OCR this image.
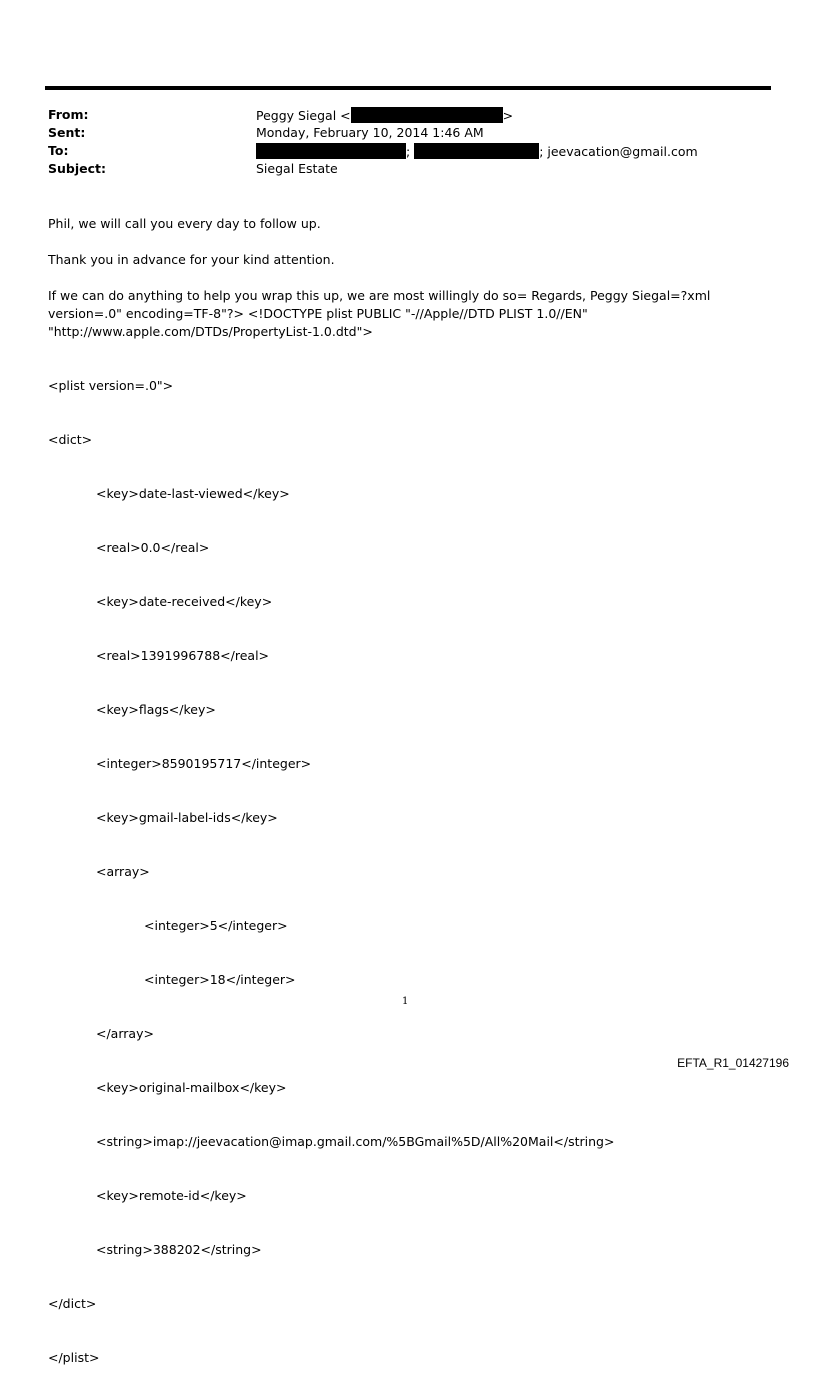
From:	Peggy Siegal <	>
Sent:	Monday, February 10, 2014 1:46 AM
To:	;	; jeevacation@gmail.com
Subject:	Siegal Estate
Phil, we will call you every day to follow up.
Thank you in advance for your kind attention.
If we can do anything to help you wrap this up, we are most willingly do so= Regards, Peggy Siegal=?xml version=.0" encoding=TF-8"?> <!DOCTYPE plist PUBLIC "-//Apple//DTD PLIST 1.0//EN" "http://www.apple.com/DTDs/PropertyList-1.0.dtd">

<plist version=.0">

<dict>

<key>date-last-viewed</key>

<real>0.0</real>

<key>date-received</key>

<real>1391996788</real>

<key>flags</key>

<integer>8590195717</integer>

<key>gmail-label-ids</key>

<array>

<integer>5</integer>

<integer>18</integer>

</array>

<key>original-mailbox</key>

<string>imap://jeevacation@imap.gmail.com/%5BGmail%5D/All%20Mail</string>

<key>remote-id</key>

<string>388202</string>

</dict>

</plist>

1
EFTA_R1_01427196
